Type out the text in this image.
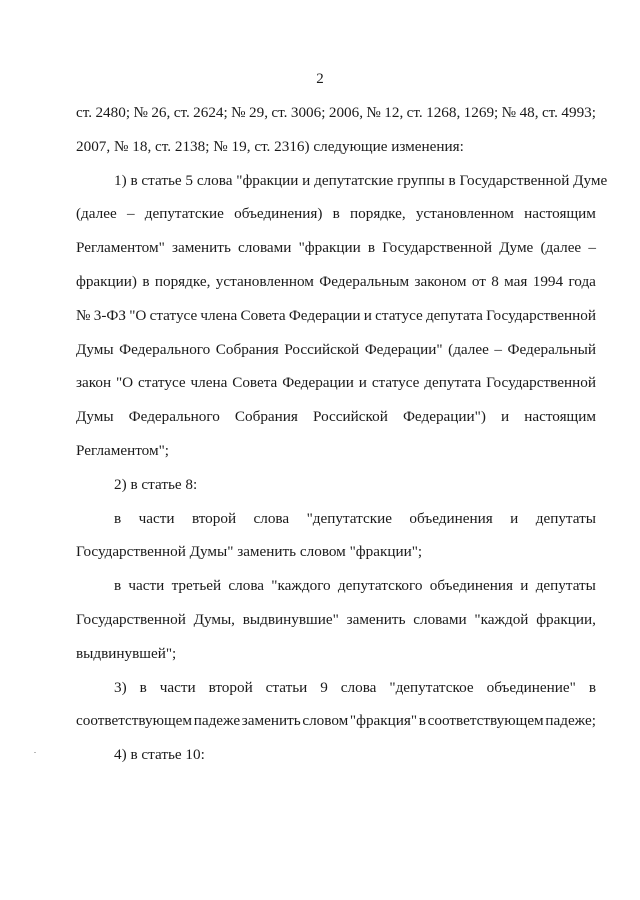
2
ст. 2480; № 26, ст. 2624; № 29, ст. 3006; 2006, № 12, ст. 1268, 1269; № 48, ст. 4993;
2007, № 18, ст. 2138; № 19, ст. 2316) следующие изменения:
1) в статье 5 слова "фракции и депутатские группы в Государственной Думе
(далее – депутатские объединения) в порядке, установленном настоящим
Регламентом" заменить словами "фракции в Государственной Думе (далее –
фракции) в порядке, установленном Федеральным законом от 8 мая 1994 года
№ 3-ФЗ "О статусе члена Совета Федерации и статусе депутата Государственной
Думы Федерального Собрания Российской Федерации" (далее – Федеральный
закон "О статусе члена Совета Федерации и статусе депутата Государственной
Думы Федерального Собрания Российской Федерации") и настоящим
Регламентом";
2) в статье 8:
в части второй слова "депутатские объединения и депутаты
Государственной Думы" заменить словом "фракции";
в части третьей слова "каждого депутатского объединения и депутаты
Государственной Думы, выдвинувшие" заменить словами "каждой фракции,
выдвинувшей";
3) в части второй статьи 9 слова "депутатское объединение" в
соответствующем падеже заменить словом "фракция" в соответствующем падеже;
4) в статье 10:
